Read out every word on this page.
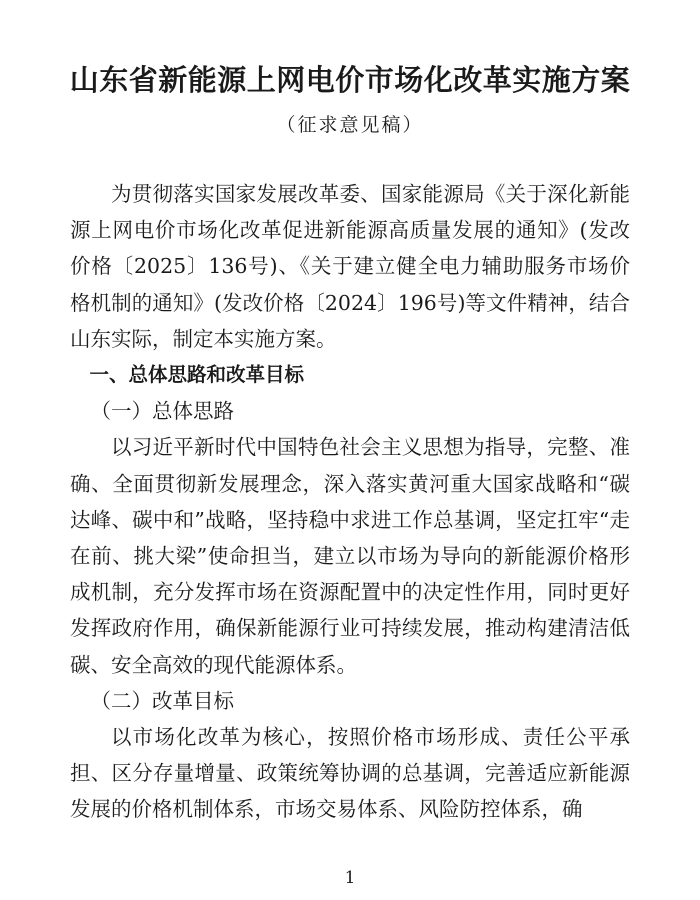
山东省新能源上网电价市场化改革实施方案
（征求意见稿）

为贯彻落实国家发展改革委、国家能源局《关于深化新能源上网电价市场化改革促进新能源高质量发展的通知》(发改价格〔2025〕136号)、《关于建立健全电力辅助服务市场价格机制的通知》(发改价格〔2024〕196号)等文件精神，结合山东实际，制定本实施方案。

一、总体思路和改革目标

（一）总体思路

以习近平新时代中国特色社会主义思想为指导，完整、准确、全面贯彻新发展理念，深入落实黄河重大国家战略和“碳达峰、碳中和”战略，坚持稳中求进工作总基调，坚定扛牢“走在前、挑大梁”使命担当，建立以市场为导向的新能源价格形成机制，充分发挥市场在资源配置中的决定性作用，同时更好发挥政府作用，确保新能源行业可持续发展，推动构建清洁低碳、安全高效的现代能源体系。

（二）改革目标

以市场化改革为核心，按照价格市场形成、责任公平承担、区分存量增量、政策统筹协调的总基调，完善适应新能源发展的价格机制体系，市场交易体系、风险防控体系，确

1
